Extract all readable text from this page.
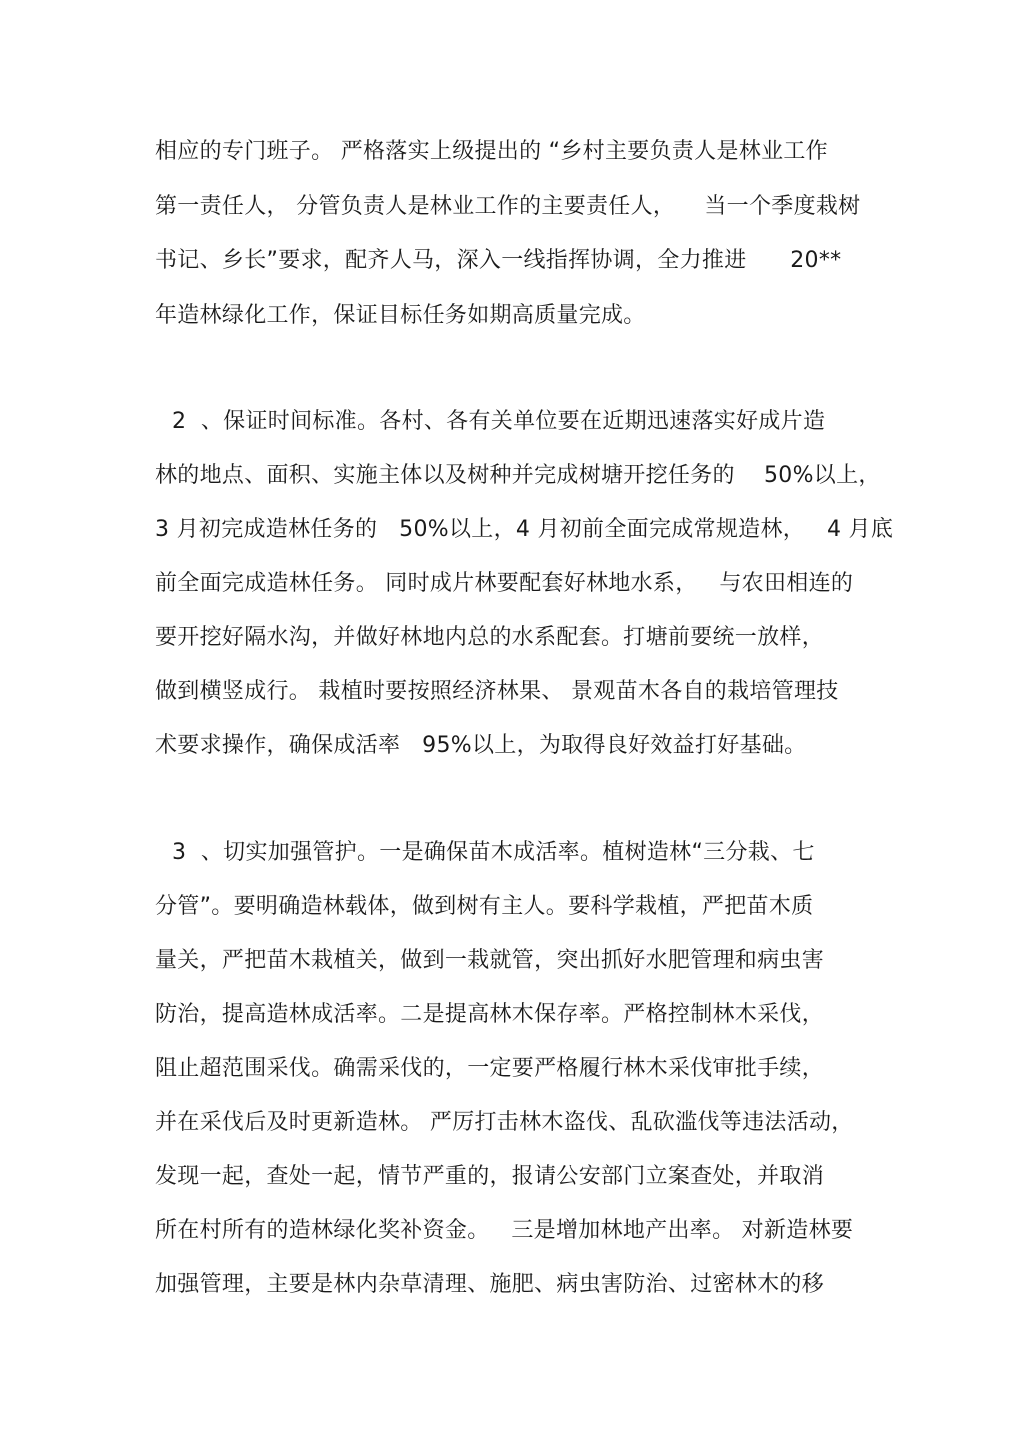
相应的专门班子。 严格落实上级提出的 “乡村主要负责人是林业工作
第一责任人， 分管负责人是林业工作的主要责任人，    当一个季度栽树
书记、乡长”要求，配齐人马，深入一线指挥协调，全力推进      20**
年造林绿化工作，保证目标任务如期高质量完成。
2  、保证时间标准。各村、各有关单位要在近期迅速落实好成片造
林的地点、面积、实施主体以及树种并完成树塘开挖任务的    50%以上，
3 月初完成造林任务的   50%以上，4 月初前全面完成常规造林，   4 月底
前全面完成造林任务。 同时成片林要配套好林地水系，   与农田相连的
要开挖好隔水沟，并做好林地内总的水系配套。打塘前要统一放样，
做到横竖成行。 栽植时要按照经济林果、 景观苗木各自的栽培管理技
术要求操作，确保成活率   95%以上，为取得良好效益打好基础。
3  、切实加强管护。一是确保苗木成活率。植树造林“三分栽、七
分管”。要明确造林载体，做到树有主人。要科学栽植，严把苗木质
量关，严把苗木栽植关，做到一栽就管，突出抓好水肥管理和病虫害
防治，提高造林成活率。二是提高林木保存率。严格控制林木采伐，
阻止超范围采伐。确需采伐的，一定要严格履行林木采伐审批手续，
并在采伐后及时更新造林。 严厉打击林木盗伐、乱砍滥伐等违法活动，
发现一起，查处一起，情节严重的，报请公安部门立案查处，并取消
所在村所有的造林绿化奖补资金。   三是增加林地产出率。 对新造林要
加强管理，主要是林内杂草清理、施肥、病虫害防治、过密林木的移
